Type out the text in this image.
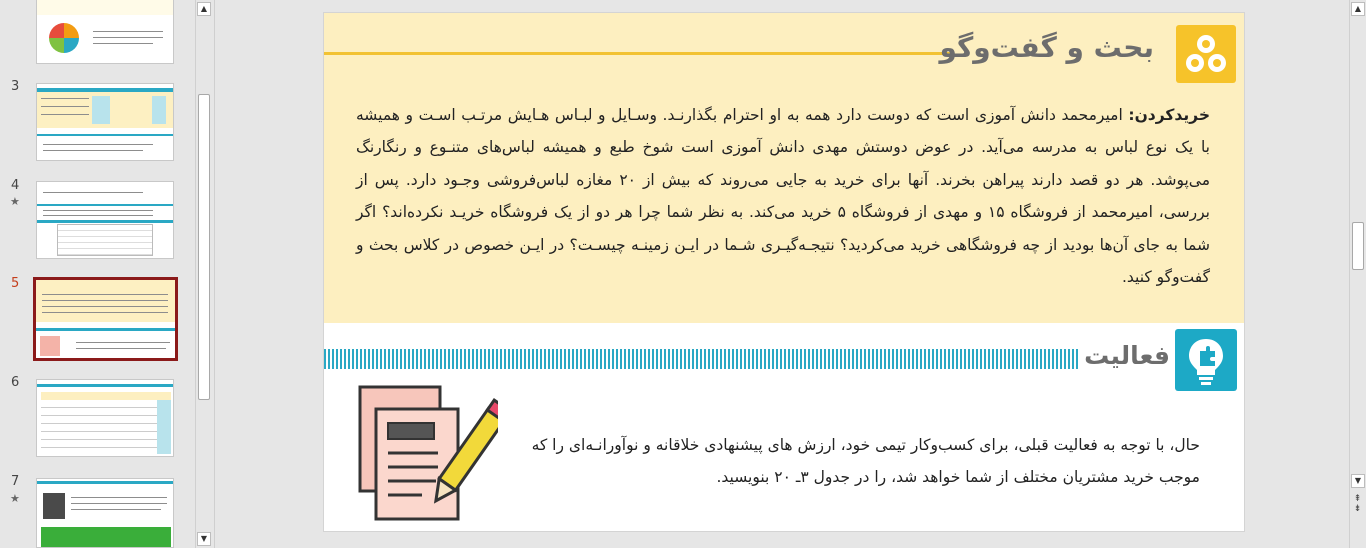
3
4
★
5
6
7
★
▲
▼
بحث و گفت‌وگو
خریدکردن: امیرمحمد دانش آموزی است که دوست دارد همه به او احترام بگذارنـد. وسـایل و لبـاس هـایش مرتـب اسـت و همیشه با یک نوع لباس به مدرسه می‌آید. در عوض دوستش مهدی دانش آموزی است شوخ طبع و همیشه لباس‌های متنـوع و رنگارنگ می‌پوشد. هر دو قصد دارند پیراهن بخرند. آنها برای خرید به جایی می‌روند که بیش از ۲۰ مغازه لباس‌فروشی وجـود دارد. پس از بررسی، امیرمحمد از فروشگاه ۱۵ و مهدی از فروشگاه ۵ خرید می‌کند. به نظر شما چرا هر دو از یک فروشگاه خریـد نکرده‌اند؟ اگر شما به جای آن‌ها بودید از چه فروشگاهی خرید می‌کردید؟ نتیجـه‌گیـری شـما در ایـن زمینـه چیسـت؟ در ایـن خصوص در کلاس بحث و گفت‌وگو کنید.
فعالیت
حال، با توجه به فعالیت قبلی، برای کسب‌وکار تیمی خود، ارزش های پیشنهادی خلاقانه و نوآورانـه‌ای را که موجب خرید مشتریان مختلف از شما خواهد شد، را در جدول ۳ـ ۲۰ بنویسید.
▲
▼
⇞
⇟
